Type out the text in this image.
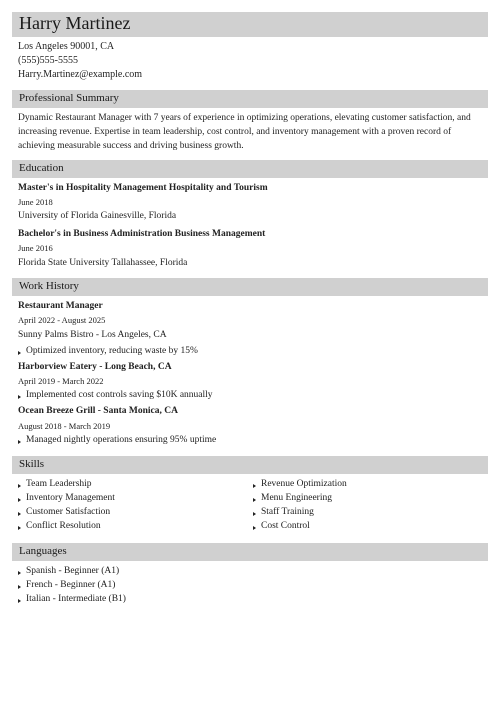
Harry Martinez
Los Angeles 90001, CA
(555)555-5555
Harry.Martinez@example.com
Professional Summary
Dynamic Restaurant Manager with 7 years of experience in optimizing operations, elevating customer satisfaction, and increasing revenue. Expertise in team leadership, cost control, and inventory management with a proven record of achieving measurable success and driving business growth.
Education
Master's in Hospitality Management Hospitality and Tourism
June 2018
University of Florida Gainesville, Florida
Bachelor's in Business Administration Business Management
June 2016
Florida State University Tallahassee, Florida
Work History
Restaurant Manager
April 2022 - August 2025
Sunny Palms Bistro - Los Angeles, CA
Optimized inventory, reducing waste by 15%
Harborview Eatery - Long Beach, CA
April 2019 - March 2022
Implemented cost controls saving $10K annually
Ocean Breeze Grill - Santa Monica, CA
August 2018 - March 2019
Managed nightly operations ensuring 95% uptime
Skills
Team Leadership
Inventory Management
Customer Satisfaction
Conflict Resolution
Revenue Optimization
Menu Engineering
Staff Training
Cost Control
Languages
Spanish - Beginner (A1)
French - Beginner (A1)
Italian - Intermediate (B1)
